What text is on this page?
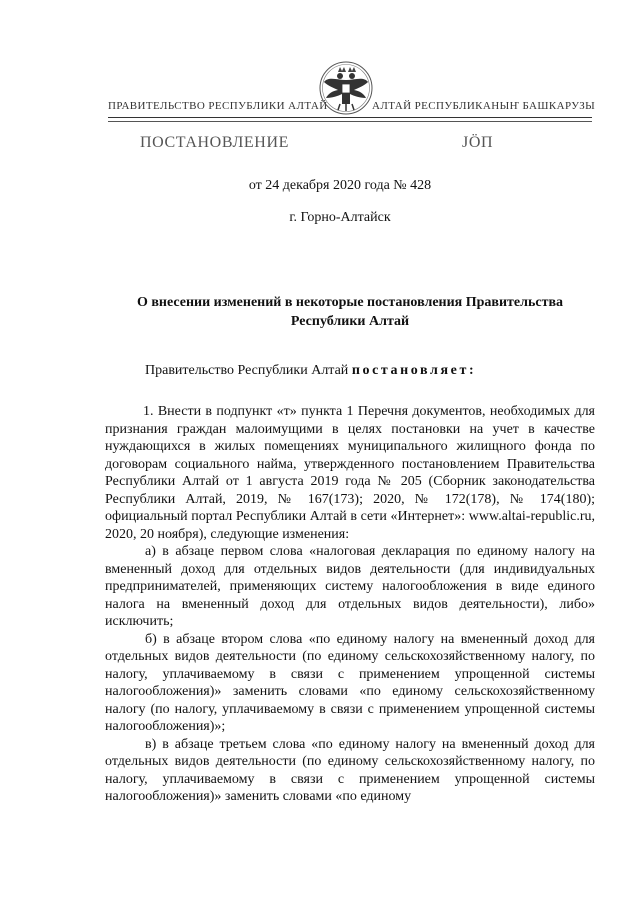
ПРАВИТЕЛЬСТВО РЕСПУБЛИКИ АЛТАЙ	АЛТАЙ РЕСПУБЛИКАНЫҤ БАШКАРУЗЫ
ПОСТАНОВЛЕНИЕ	ЈӦП
от 24 декабря 2020 года № 428
г. Горно-Алтайск
О внесении изменений в некоторые постановления Правительства Республики Алтай
Правительство Республики Алтай постановляет:

1. Внести в подпункт «т» пункта 1 Перечня документов, необходимых для признания граждан малоимущими в целях постановки на учет в качестве нуждающихся в жилых помещениях муниципального жилищного фонда по договорам социального найма, утвержденного постановлением Правительства Республики Алтай от 1 августа 2019 года № 205 (Сборник законодательства Республики Алтай, 2019, № 167(173); 2020, № 172(178), № 174(180); официальный портал Республики Алтай в сети «Интернет»: www.altai-republic.ru, 2020, 20 ноября), следующие изменения:

а) в абзаце первом слова «налоговая декларация по единому налогу на вмененный доход для отдельных видов деятельности (для индивидуальных предпринимателей, применяющих систему налогообложения в виде единого налога на вмененный доход для отдельных видов деятельности), либо» исключить;

б) в абзаце втором слова «по единому налогу на вмененный доход для отдельных видов деятельности (по единому сельскохозяйственному налогу, по налогу, уплачиваемому в связи с применением упрощенной системы налогообложения)» заменить словами «по единому сельскохозяйственному налогу (по налогу, уплачиваемому в связи с применением упрощенной системы налогообложения)»;

в) в абзаце третьем слова «по единому налогу на вмененный доход для отдельных видов деятельности (по единому сельскохозяйственному налогу, по налогу, уплачиваемому в связи с применением упрощенной системы налогообложения)» заменить словами «по единому
